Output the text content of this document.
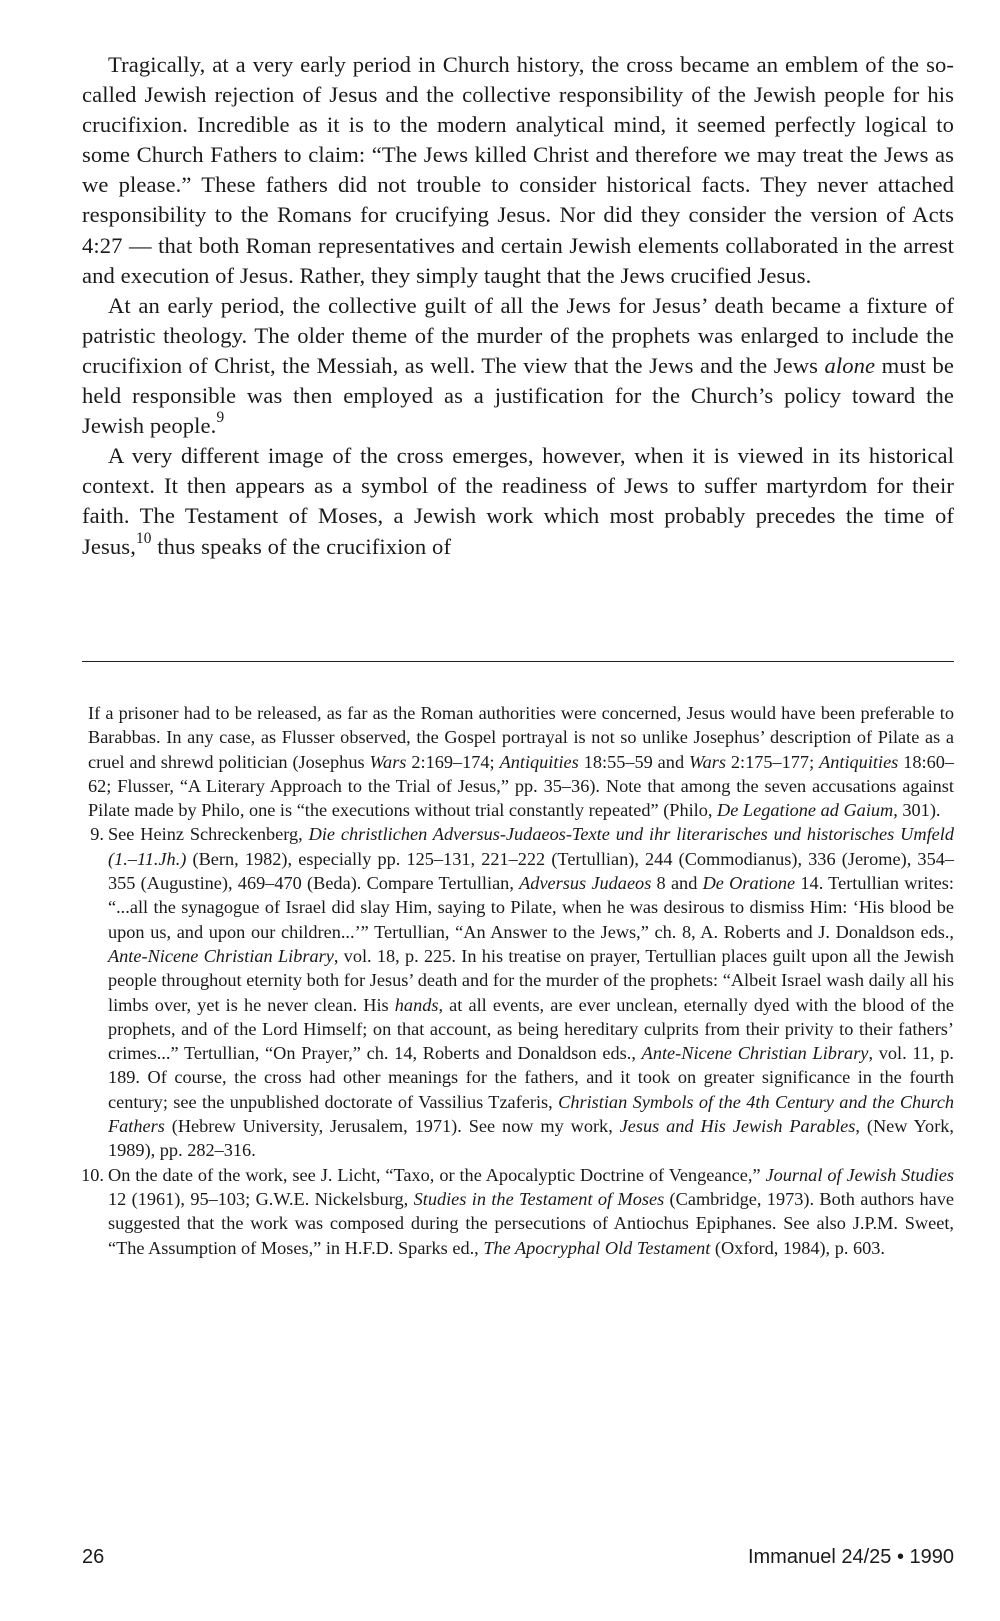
Tragically, at a very early period in Church history, the cross became an emblem of the so-called Jewish rejection of Jesus and the collective responsibility of the Jewish people for his crucifixion. Incredible as it is to the modern analytical mind, it seemed perfectly logical to some Church Fathers to claim: “The Jews killed Christ and therefore we may treat the Jews as we please.” These fathers did not trouble to consider historical facts. They never attached responsibility to the Romans for crucifying Jesus. Nor did they consider the version of Acts 4:27 — that both Roman representatives and certain Jewish elements collaborated in the arrest and execution of Jesus. Rather, they simply taught that the Jews crucified Jesus.

At an early period, the collective guilt of all the Jews for Jesus’ death became a fixture of patristic theology. The older theme of the murder of the prophets was enlarged to include the crucifixion of Christ, the Messiah, as well. The view that the Jews and the Jews alone must be held responsible was then employed as a justification for the Church’s policy toward the Jewish people.$^9$

A very different image of the cross emerges, however, when it is viewed in its historical context. It then appears as a symbol of the readiness of Jews to suffer martyrdom for their faith. The Testament of Moses, a Jewish work which most probably precedes the time of Jesus,$^{10}$ thus speaks of the crucifixion of

If a prisoner had to be released, as far as the Roman authorities were concerned, Jesus would have been preferable to Barabbas. In any case, as Flusser observed, the Gospel portrayal is not so unlike Josephus’ description of Pilate as a cruel and shrewd politician (Josephus Wars 2:169–174; Antiquities 18:55–59 and Wars 2:175–177; Antiquities 18:60–62; Flusser, “A Literary Approach to the Trial of Jesus,” pp. 35–36). Note that among the seven accusations against Pilate made by Philo, one is “the executions without trial constantly repeated” (Philo, De Legatione ad Gaium, 301).

9. See Heinz Schreckenberg, Die christlichen Adversus-Judaeos-Texte und ihr literarisches und historisches Umfeld (1.–11.Jh.) (Bern, 1982), especially pp. 125–131, 221–222 (Tertullian), 244 (Commodianus), 336 (Jerome), 354–355 (Augustine), 469–470 (Beda). Compare Tertullian, Adversus Judaeos 8 and De Oratione 14. Tertullian writes: “...all the synagogue of Israel did slay Him, saying to Pilate, when he was desirous to dismiss Him: ‘His blood be upon us, and upon our children...’” Tertullian, “An Answer to the Jews,” ch. 8, A. Roberts and J. Donaldson eds., Ante-Nicene Christian Library, vol. 18, p. 225. In his treatise on prayer, Tertullian places guilt upon all the Jewish people throughout eternity both for Jesus’ death and for the murder of the prophets: “Albeit Israel wash daily all his limbs over, yet is he never clean. His hands, at all events, are ever unclean, eternally dyed with the blood of the prophets, and of the Lord Himself; on that account, as being hereditary culprits from their privity to their fathers’ crimes...” Tertullian, “On Prayer,” ch. 14, Roberts and Donaldson eds., Ante-Nicene Christian Library, vol. 11, p. 189. Of course, the cross had other meanings for the fathers, and it took on greater significance in the fourth century; see the unpublished doctorate of Vassilius Tzaferis, Christian Symbols of the 4th Century and the Church Fathers (Hebrew University, Jerusalem, 1971). See now my work, Jesus and His Jewish Parables, (New York, 1989), pp. 282–316.

10. On the date of the work, see J. Licht, “Taxo, or the Apocalyptic Doctrine of Vengeance,” Journal of Jewish Studies 12 (1961), 95–103; G.W.E. Nickelsburg, Studies in the Testament of Moses (Cambridge, 1973). Both authors have suggested that the work was composed during the persecutions of Antiochus Epiphanes. See also J.P.M. Sweet, “The Assumption of Moses,” in H.F.D. Sparks ed., The Apocryphal Old Testament (Oxford, 1984), p. 603.

26	Immanuel 24/25 • 1990
